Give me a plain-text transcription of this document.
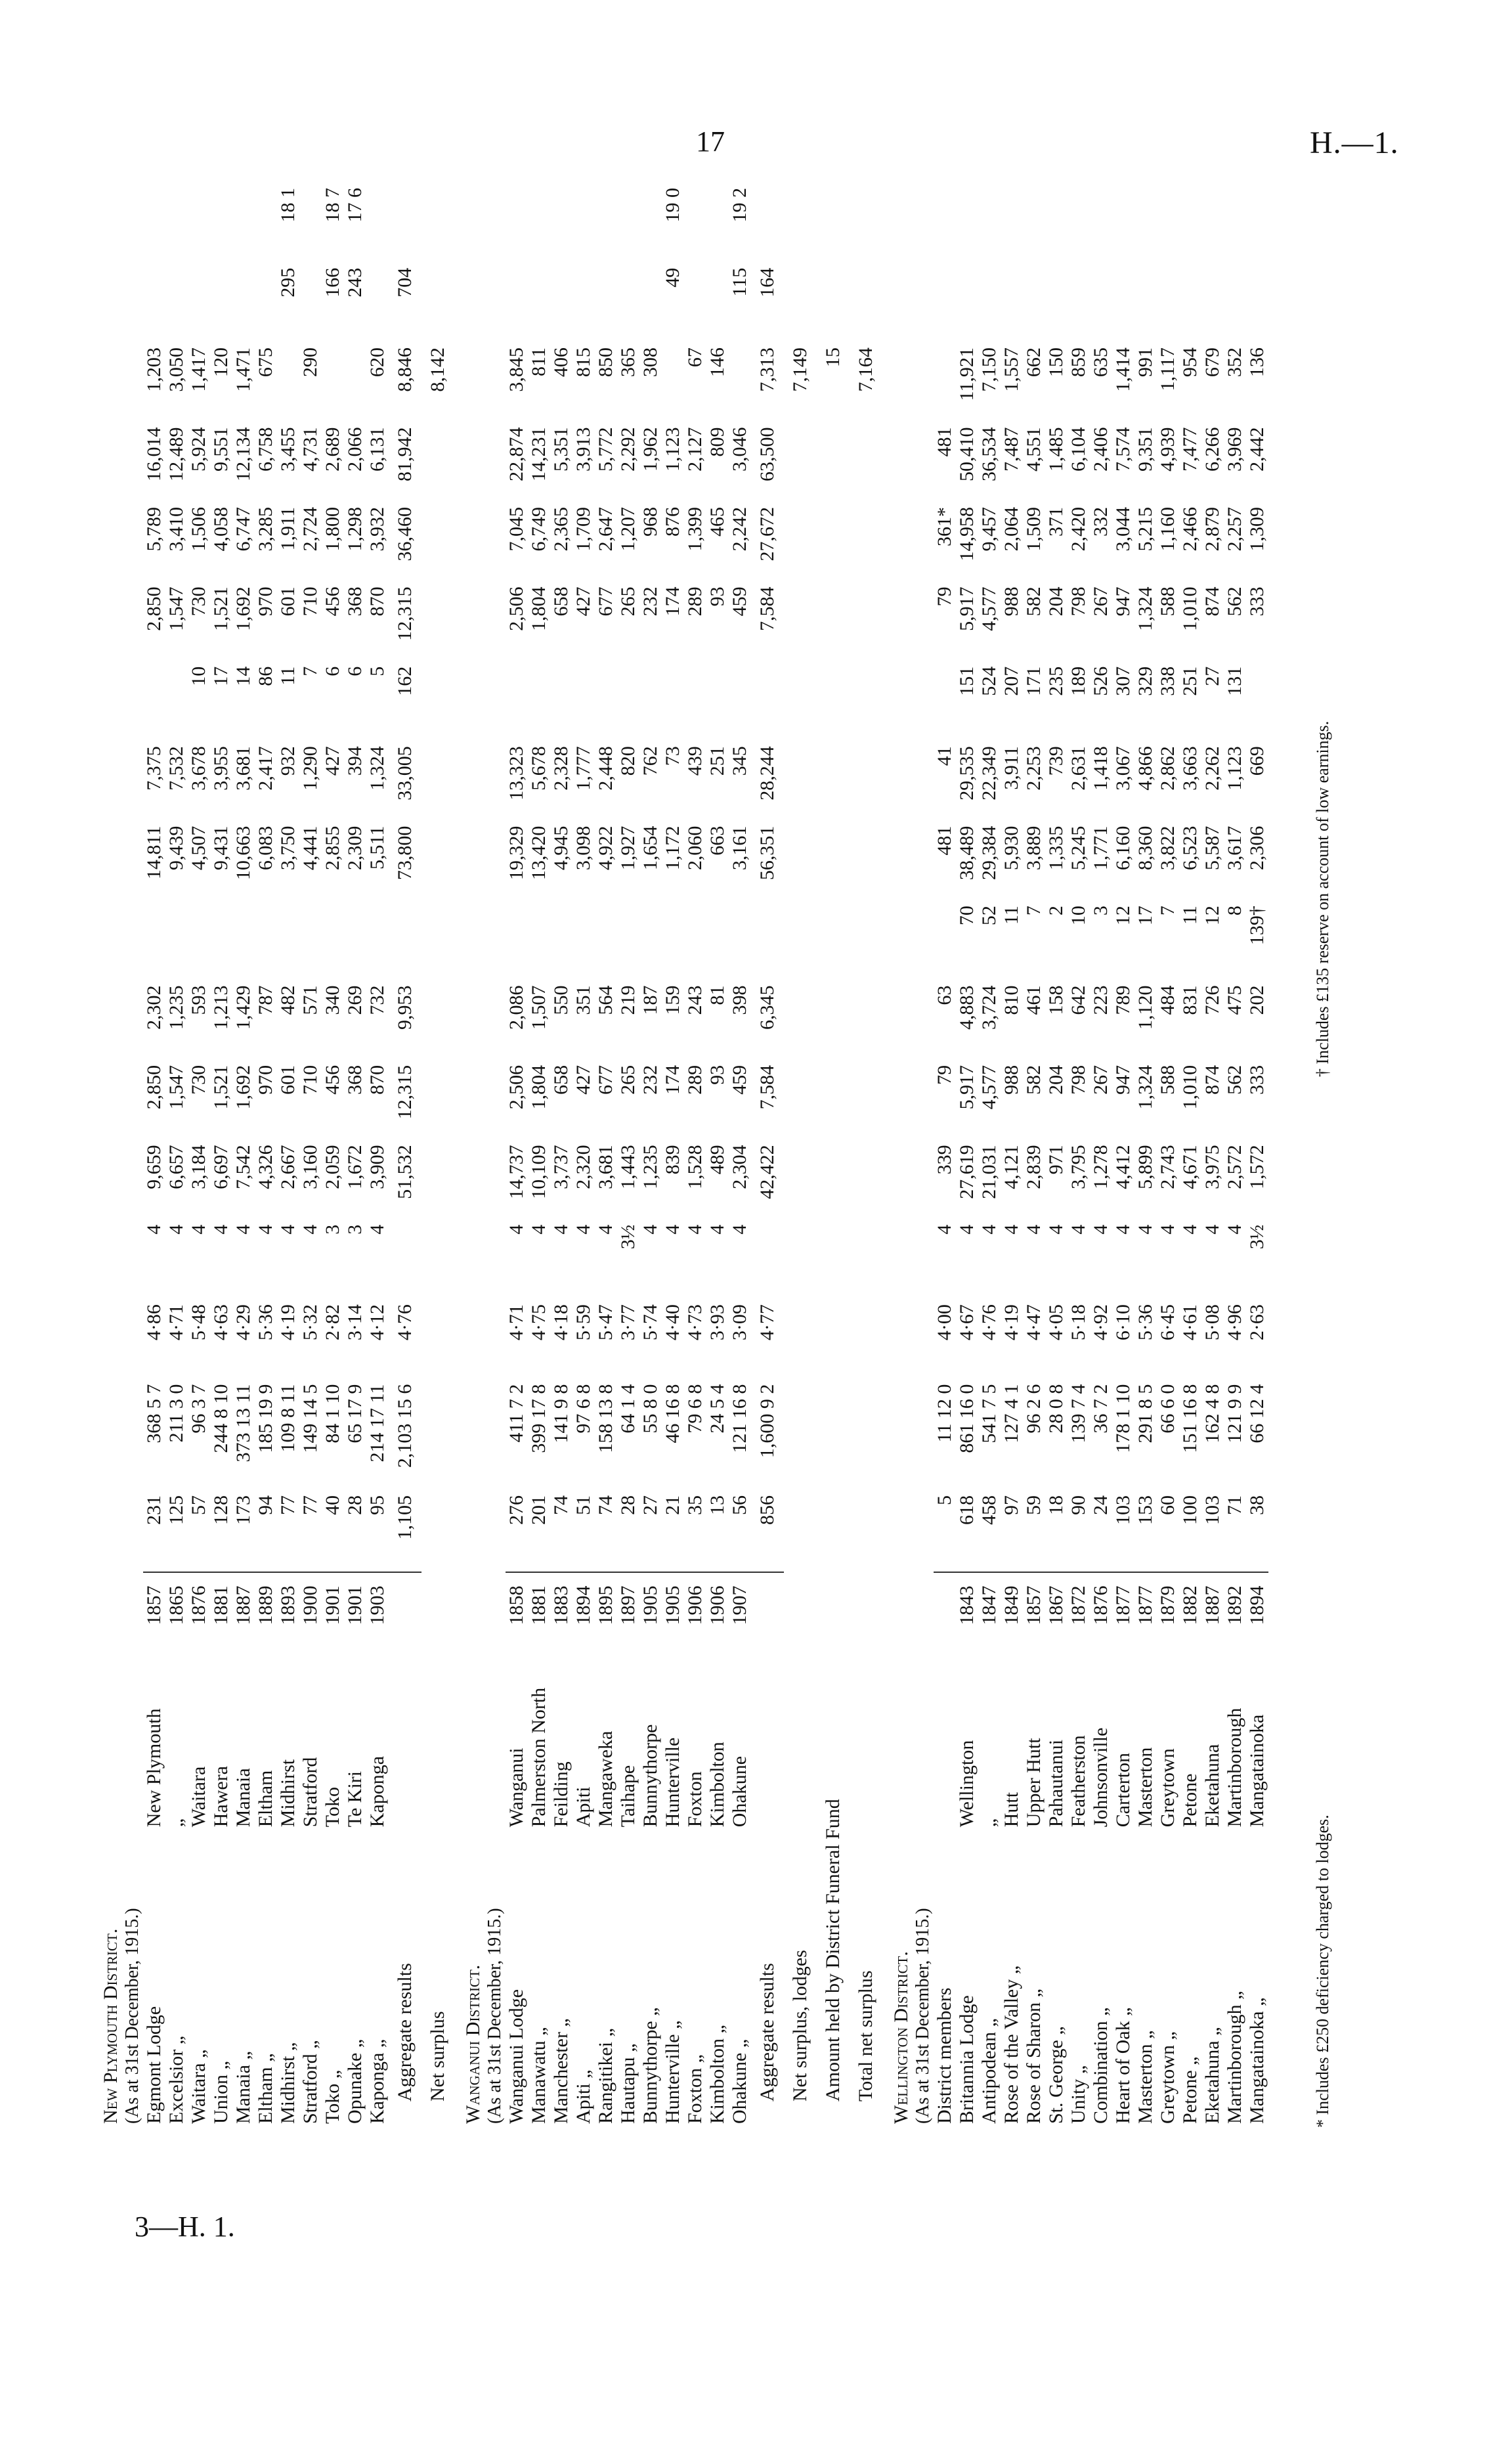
17	H.—1.
3—H. 1.
New Plymouth District.																			
(As at 31st December, 1915.)																			
Egmont Lodge	New Plymouth	1857	231	368 5 7	4·86	4	9,659	2,850	2,302		14,811	7,375		2,850	5,789	16,014	1,203		
Excelsior „	„	1865	125	211 3 0	4·71	4	6,657	1,547	1,235		9,439	7,532		1,547	3,410	12,489	3,050		
Waitara „	Waitara	1876	57	96 3 7	5·48	4	3,184	730	593		4,507	3,678	10	730	1,506	5,924	1,417		
Union „	Hawera	1881	128	244 8 10	4·63	4	6,697	1,521	1,213		9,431	3,955	17	1,521	4,058	9,551	120		
Manaia „	Manaia	1887	173	373 13 11	4·29	4	7,542	1,692	1,429		10,663	3,681	14	1,692	6,747	12,134	1,471		
Eltham „	Eltham	1889	94	185 19 9	5·36	4	4,326	970	787		6,083	2,417	86	970	3,285	6,758	675		
Midhirst „	Midhirst	1893	77	109 8 11	4·19	4	2,667	601	482		3,750	932	11	601	1,911	3,455		295	18 1
Stratford „	Stratford	1900	77	149 14 5	5·32	4	3,160	710	571		4,441	1,290	7	710	2,724	4,731	290		
Toko „	Toko	1901	40	84 1 10	2·82	3	2,059	456	340		2,855	427	6	456	1,800	2,689		166	18 7
Opunake „	Te Kiri	1901	28	65 17 9	3·14	3	1,672	368	269		2,309	394	6	368	1,298	2,066		243	17 6
Kaponga „	Kaponga	1903	95	214 17 11	4·12	4	3,909	870	732		5,511	1,324	5	870	3,932	6,131	620		
Aggregate results			1,105	2,103 15 6	4·76		51,532	12,315	9,953		73,800	33,005	162	12,315	36,460	81,942	8,846	704	
Net surplus																	8,142		
Wanganui District.																			
(As at 31st December, 1915.)																			
Wanganui Lodge	Wanganui	1858	276	411 7 2	4·71	4	14,737	2,506	2,086		19,329	13,323		2,506	7,045	22,874	3,845		
Manawatu „	Palmerston North	1881	201	399 17 8	4·75	4	10,109	1,804	1,507		13,420	5,678		1,804	6,749	14,231	811		
Manchester „	Feilding	1883	74	141 9 8	4·18	4	3,737	658	550		4,945	2,328		658	2,365	5,351	406		
Apiti „	Apiti	1894	51	97 6 8	5·59	4	2,320	427	351		3,098	1,777		427	1,709	3,913	815		
Rangitikei „	Mangaweka	1895	74	158 13 8	5·47	4	3,681	677	564		4,922	2,448		677	2,647	5,772	850		
Hautapu „	Taihape	1897	28	64 1 4	3·77	3½	1,443	265	219		1,927	820		265	1,207	2,292	365		
Bunnythorpe „	Bunnythorpe	1905	27	55 8 0	5·74	4	1,235	232	187		1,654	762		232	968	1,962	308		
Hunterville „	Hunterville	1905	21	46 16 8	4·40	4	839	174	159		1,172	73		174	876	1,123		49	19 0
Foxton „	Foxton	1906	35	79 6 8	4·73	4	1,528	289	243		2,060	439		289	1,399	2,127	67		
Kimbolton „	Kimbolton	1906	13	24 5 4	3·93	4	489	93	81		663	251		93	465	809	146		
Ohakune „	Ohakune	1907	56	121 16 8	3·09	4	2,304	459	398		3,161	345		459	2,242	3,046		115	19 2
Aggregate results			856	1,600 9 2	4·77		42,422	7,584	6,345		56,351	28,244		7,584	27,672	63,500	7,313	164	
Net surplus, lodges																	7,149		
Amount held by District Funeral Fund																	15		
Total net surplus																	7,164		
Wellington District.																			
(As at 31st December, 1915.)																			
District members			5	11 12 0	4·00	4	339	79	63		481	41		79	361*	481			
Britannia Lodge	Wellington	1843	618	861 16 0	4·67	4	27,619	5,917	4,883	70	38,489	29,535	151	5,917	14,958	50,410	11,921		
Antipodean „	„	1847	458	541 7 5	4·76	4	21,031	4,577	3,724	52	29,384	22,349	524	4,577	9,457	36,534	7,150		
Rose of the Valley „	Hutt	1849	97	127 4 1	4·19	4	4,121	988	810	11	5,930	3,911	207	988	2,064	7,487	1,557		
Rose of Sharon „	Upper Hutt	1857	59	96 2 6	4·47	4	2,839	582	461	7	3,889	2,253	171	582	1,509	4,551	662		
St. George „	Pahautanui	1867	18	28 0 8	4·05	4	971	204	158	2	1,335	739	235	204	371	1,485	150		
Unity „	Featherston	1872	90	139 7 4	5·18	4	3,795	798	642	10	5,245	2,631	189	798	2,420	6,104	859		
Combination „	Johnsonville	1876	24	36 7 2	4·92	4	1,278	267	223	3	1,771	1,418	526	267	332	2,406	635		
Heart of Oak „	Carterton	1877	103	178 1 10	6·10	4	4,412	947	789	12	6,160	3,067	307	947	3,044	7,574	1,414		
Masterton „	Masterton	1877	153	291 8 5	5·36	4	5,899	1,324	1,120	17	8,360	4,866	329	1,324	5,215	9,351	991		
Greytown „	Greytown	1879	60	66 6 0	6·45	4	2,743	588	484	7	3,822	2,862	338	588	1,160	4,939	1,117		
Petone „	Petone	1882	100	151 16 8	4·61	4	4,671	1,010	831	11	6,523	3,663	251	1,010	2,466	7,477	954		
Eketahuna „	Eketahuna	1887	103	162 4 8	5·08	4	3,975	874	726	12	5,587	2,262	27	874	2,879	6,266	679		
Martinborough „	Martinborough	1892	71	121 9 9	4·96	4	2,572	562	475	8	3,617	1,123	131	562	2,257	3,969	352		
Mangatainoka „	Mangatainoka	1894	38	66 12 4	2·63	3½	1,572	333	202	139†	2,306	669		333	1,309	2,442	136		
* Includes £250 deficiency charged to lodges.
† Includes £135 reserve on account of low earnings.
